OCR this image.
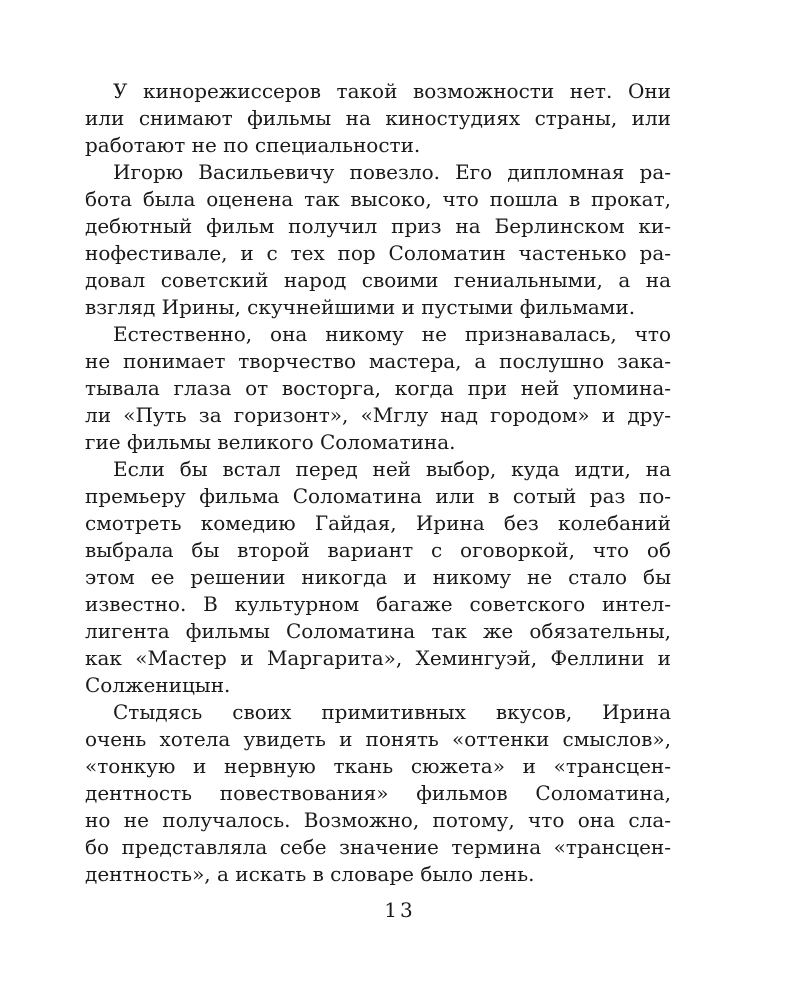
У кинорежиссеров такой возможности нет. Они
или снимают фильмы на киностудиях страны, или
работают не по специальности.
Игорю Васильевичу повезло. Его дипломная ра-
бота была оценена так высоко, что пошла в прокат,
дебютный фильм получил приз на Берлинском ки-
нофестивале, и с тех пор Соломатин частенько ра-
довал советский народ своими гениальными, а на
взгляд Ирины, скучнейшими и пустыми фильмами.
Естественно, она никому не признавалась, что
не понимает творчество мастера, а послушно зака-
тывала глаза от восторга, когда при ней упомина-
ли «Путь за горизонт», «Мглу над городом» и дру-
гие фильмы великого Соломатина.
Если бы встал перед ней выбор, куда идти, на
премьеру фильма Соломатина или в сотый раз по-
смотреть комедию Гайдая, Ирина без колебаний
выбрала бы второй вариант с оговоркой, что об
этом ее решении никогда и никому не стало бы
известно. В культурном багаже советского интел-
лигента фильмы Соломатина так же обязательны,
как «Мастер и Маргарита», Хемингуэй, Феллини и
Солженицын.
Стыдясь своих примитивных вкусов, Ирина
очень хотела увидеть и понять «оттенки смыслов»,
«тонкую и нервную ткань сюжета» и «трансцен-
дентность повествования» фильмов Соломатина,
но не получалось. Возможно, потому, что она сла-
бо представляла себе значение термина «трансцен-
дентность», а искать в словаре было лень.
13
